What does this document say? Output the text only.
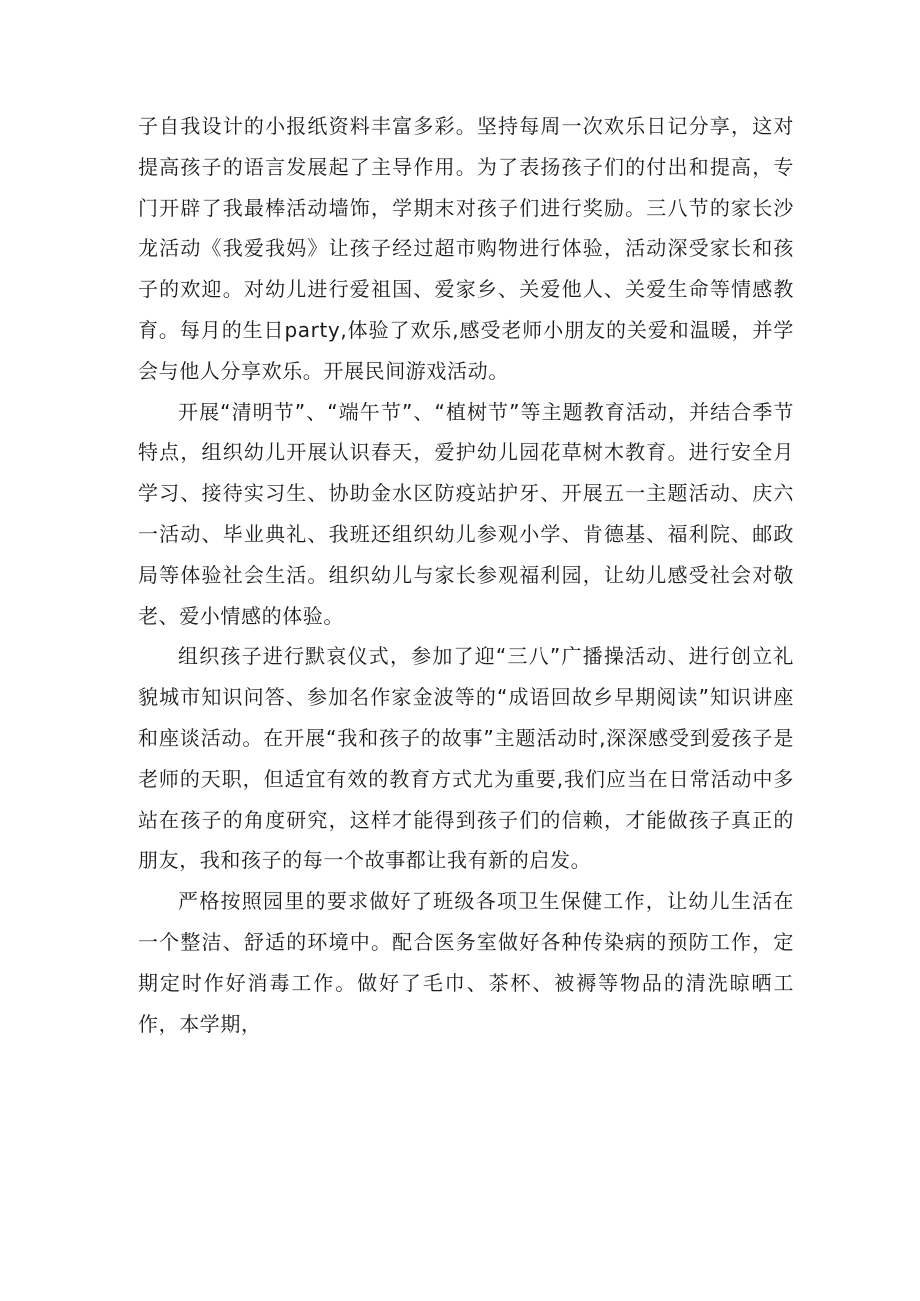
子自我设计的小报纸资料丰富多彩。坚持每周一次欢乐日记分享，这对提高孩子的语言发展起了主导作用。为了表扬孩子们的付出和提高，专门开辟了我最棒活动墙饰，学期末对孩子们进行奖励。三八节的家长沙龙活动《我爱我妈》让孩子经过超市购物进行体验，活动深受家长和孩子的欢迎。对幼儿进行爱祖国、爱家乡、关爱他人、关爱生命等情感教育。每月的生日party,体验了欢乐,感受老师小朋友的关爱和温暖，并学会与他人分享欢乐。开展民间游戏活动。

开展“清明节”、“端午节”、“植树节”等主题教育活动，并结合季节特点，组织幼儿开展认识春天，爱护幼儿园花草树木教育。进行安全月学习、接待实习生、协助金水区防疫站护牙、开展五一主题活动、庆六一活动、毕业典礼、我班还组织幼儿参观小学、肯德基、福利院、邮政局等体验社会生活。组织幼儿与家长参观福利园，让幼儿感受社会对敬老、爱小情感的体验。

组织孩子进行默哀仪式，参加了迎“三八”广播操活动、进行创立礼貌城市知识问答、参加名作家金波等的“成语回故乡早期阅读”知识讲座和座谈活动。在开展“我和孩子的故事”主题活动时,深深感受到爱孩子是老师的天职，但适宜有效的教育方式尤为重要,我们应当在日常活动中多站在孩子的角度研究，这样才能得到孩子们的信赖，才能做孩子真正的朋友，我和孩子的每一个故事都让我有新的启发。

严格按照园里的要求做好了班级各项卫生保健工作，让幼儿生活在一个整洁、舒适的环境中。配合医务室做好各种传染病的预防工作，定期定时作好消毒工作。做好了毛巾、茶杯、被褥等物品的清洗晾晒工作，本学期，
